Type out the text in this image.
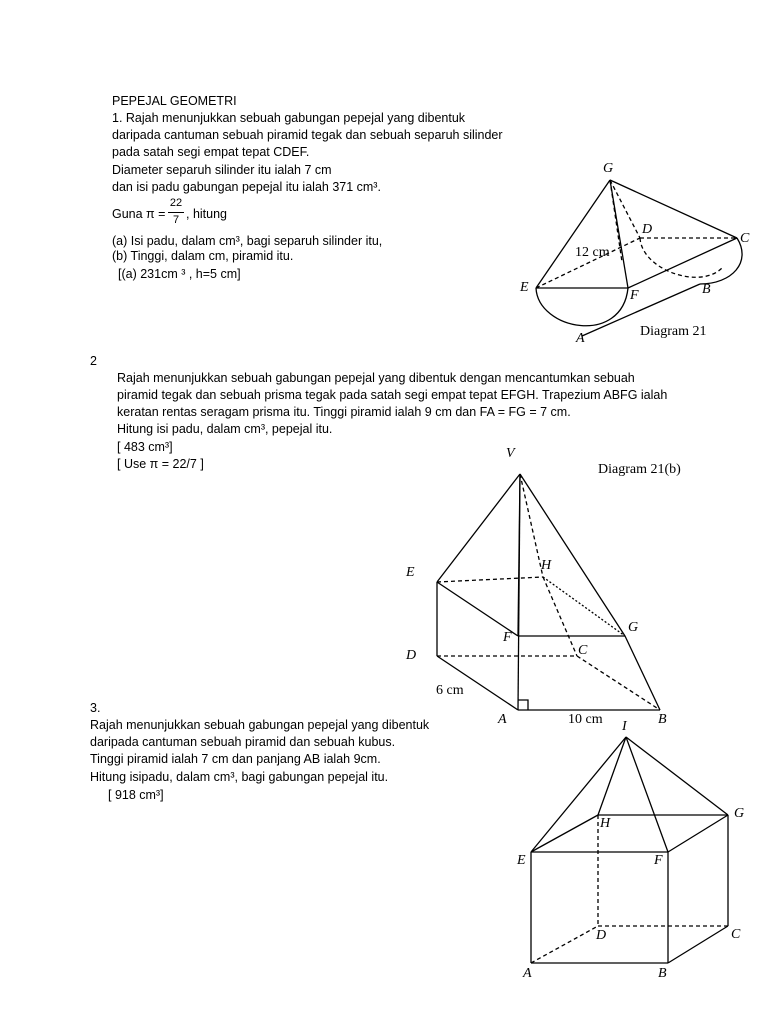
PEPEJAL GEOMETRI
1. Rajah menunjukkan sebuah gabungan pepejal yang dibentuk
daripada cantuman sebuah piramid tegak dan sebuah separuh silinder
pada satah segi empat tepat CDEF.
Diameter separuh silinder itu ialah 7 cm
dan isi padu gabungan pepejal itu ialah 371 cm³.
Guna π =
22
7 , hitung
(a) Isi padu, dalam cm³, bagi separuh silinder itu,
(b) Tinggi, dalam cm, piramid itu.
[(a) 231cm ³ , h=5 cm]
G
D
C
E
F	B
A
12 cm
Diagram 21
2
Rajah menunjukkan sebuah gabungan pepejal yang dibentuk dengan mencantumkan sebuah
piramid tegak dan sebuah prisma tegak pada satah segi empat tepat EFGH. Trapezium ABFG ialah
keratan rentas seragam prisma itu. Tinggi piramid ialah 9 cm dan FA = FG = 7 cm.
Hitung isi padu, dalam cm³, pepejal itu.
[ 483 cm³]
[ Use π = 22/7 ]
V
Diagram 21(b)
E	H
F
G
D	C
6 cm
A	10 cm	B
3.
Rajah menunjukkan sebuah gabungan pepejal yang dibentuk
daripada cantuman sebuah piramid dan sebuah kubus.
Tinggi piramid ialah 7 cm dan panjang AB ialah 9cm.
Hitung isipadu, dalam cm³, bagi gabungan pepejal itu.
[ 918 cm³]
I
H
G
E	F
D	C
A	B
